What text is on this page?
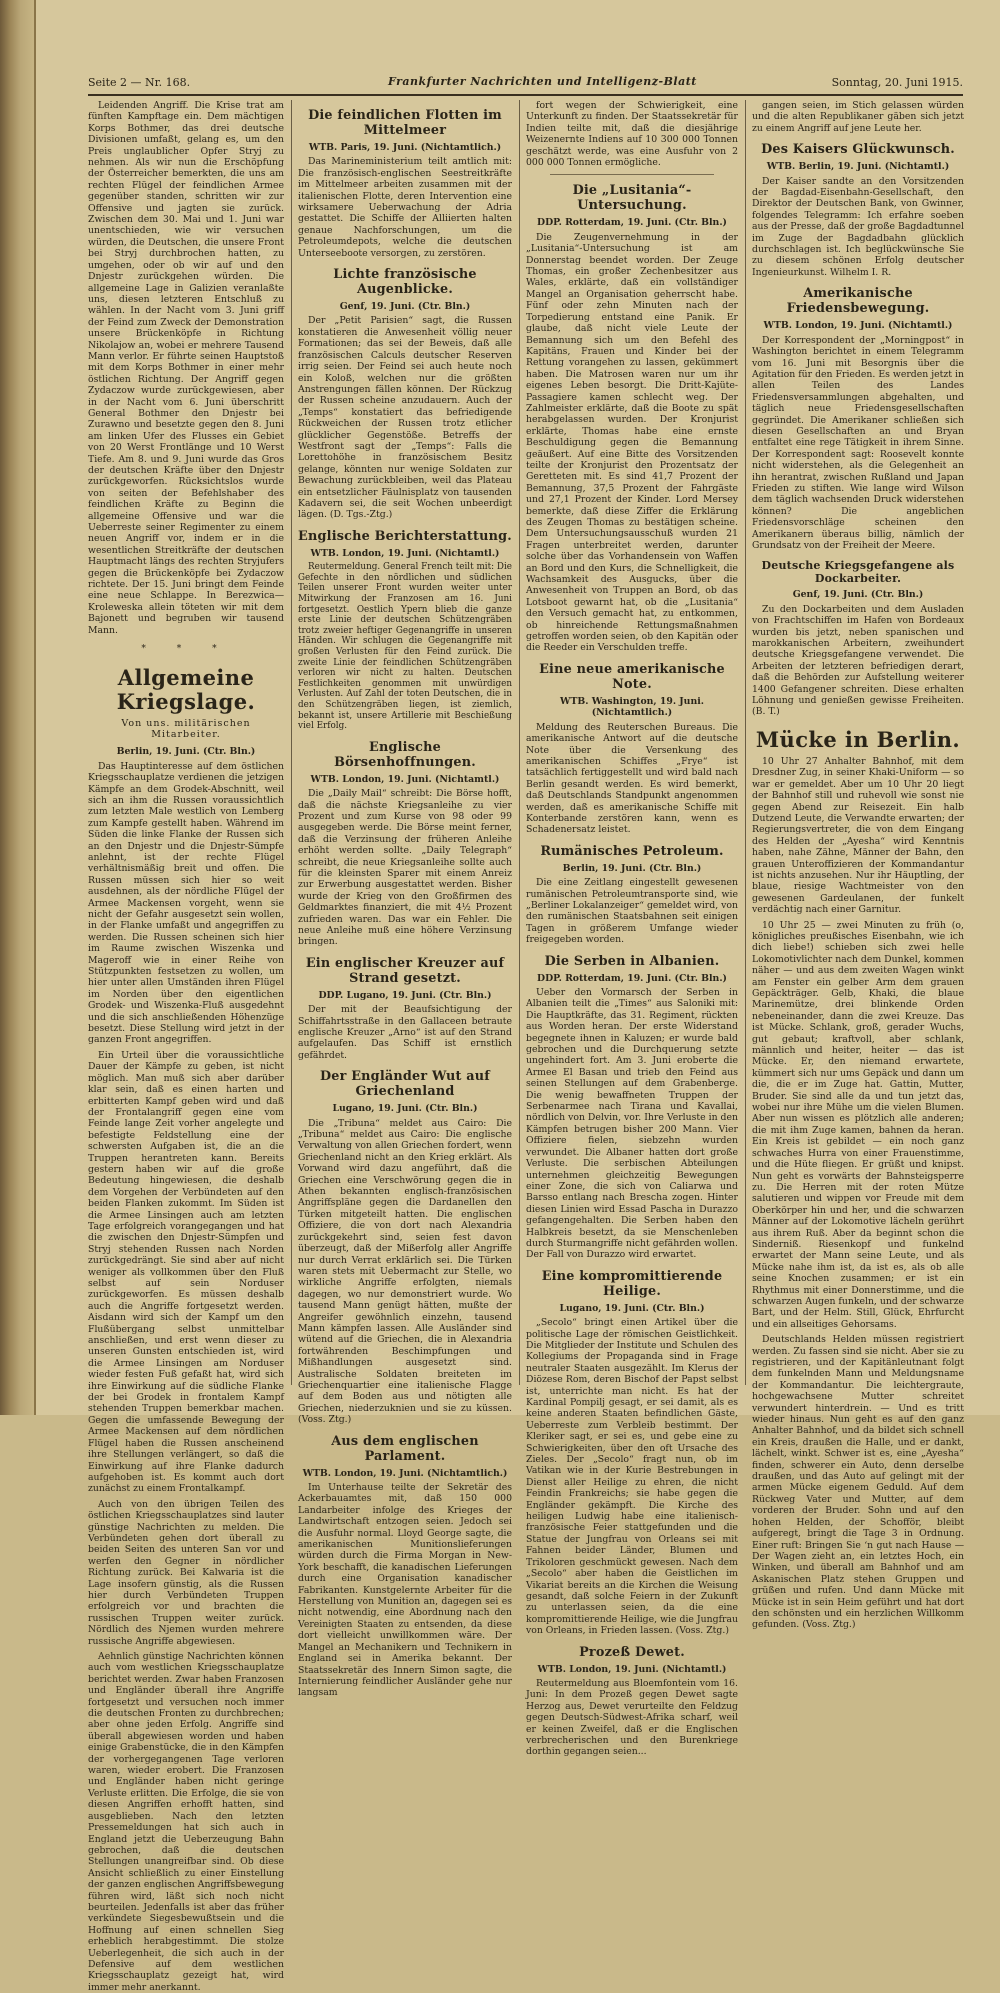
Seite 2 — Nr. 168.	Frankfurter Nachrichten und Intelligenz-Blatt	Sonntag, 20. Juni 1915.

Leidenden Angriff. Die Krise trat am fünften Kampftage ein. Dem mächtigen Korps Bothmer, das drei deutsche Divisionen umfaßt, gelang es, um den Preis unglaublicher Opfer Stryj zu nehmen. Als wir nun die Erschöpfung der Österreicher bemerkten, die uns am rechten Flügel der feindlichen Armee gegenüber standen, schritten wir zur Offensive und jagten sie zurück. Zwischen dem 30. Mai und 1. Juni war unentschieden, wie wir versuchen würden, die Deutschen, die unsere Front bei Stryj durchbrochen hatten, zu umgehen, oder ob wir auf und den Dnjestr zurückgehen würden. Die allgemeine Lage in Galizien veranlaßte uns, diesen letzteren Entschluß zu wählen. In der Nacht vom 3. Juni griff der Feind zum Zweck der Demonstration unsere Brückenköpfe in Richtung Nikolajow an, wobei er mehrere Tausend Mann verlor. Er führte seinen Hauptstoß mit dem Korps Bothmer in einer mehr östlichen Richtung. Der Angriff gegen Zydaczow wurde zurückgewiesen, aber in der Nacht vom 6. Juni überschritt General Bothmer den Dnjestr bei Zurawno und besetzte gegen den 8. Juni am linken Ufer des Flusses ein Gebiet von 20 Werst Frontlänge und 10 Werst Tiefe. Am 8. und 9. Juni wurde das Gros der deutschen Kräfte über den Dnjestr zurückgeworfen. Rücksichtslos wurde von seiten der Befehlshaber des feindlichen Kräfte zu Beginn die allgemeine Offensive und war die Ueberreste seiner Regimenter zu einem neuen Angriff vor, indem er in die wesentlichen Streitkräfte der deutschen Hauptmacht längs des rechten Stryjufers gegen die Brückenköpfe bei Zydaczow richtete. Der 15. Juni bringt dem Feinde eine neue Schlappe. In Berezwica—Kroleweska allein töteten wir mit dem Bajonett und begruben wir tausend Mann.

* * *
Allgemeine Kriegslage.
Von uns. militärischen Mitarbeiter.
Berlin, 19. Juni. (Ctr. Bln.)

Das Hauptinteresse auf dem östlichen Kriegsschauplatze verdienen die jetzigen Kämpfe an dem Grodek-Abschnitt, weil sich an ihm die Russen voraussichtlich zum letzten Male westlich von Lemberg zum Kampfe gestellt haben. Während im Süden die linke Flanke der Russen sich an den Dnjestr und die Dnjestr-Sümpfe anlehnt, ist der rechte Flügel verhältnismäßig breit und offen. Die Russen müssen sich hier so weit ausdehnen, als der nördliche Flügel der Armee Mackensen vorgeht, wenn sie nicht der Gefahr ausgesetzt sein wollen, in der Flanke umfaßt und angegriffen zu werden. Die Russen scheinen sich hier im Raume zwischen Wiszenka und Mageroff wie in einer Reihe von Stützpunkten festsetzen zu wollen, um hier unter allen Umständen ihren Flügel im Norden über den eigentlichen Grodek- und Wiszenka-Fluß ausgedehnt und die sich anschließenden Höhenzüge besetzt. Diese Stellung wird jetzt in der ganzen Front angegriffen.

Ein Urteil über die voraussichtliche Dauer der Kämpfe zu geben, ist nicht möglich. Man muß sich aber darüber klar sein, daß es einen harten und erbitterten Kampf geben wird und daß der Frontalangriff gegen eine vom Feinde lange Zeit vorher angelegte und befestigte Feldstellung eine der schwersten Aufgaben ist, die an die Truppen herantreten kann. Bereits gestern haben wir auf die große Bedeutung hingewiesen, die deshalb dem Vorgehen der Verbündeten auf den beiden Flanken zukommt. Im Süden ist die Armee Linsingen auch am letzten Tage erfolgreich vorangegangen und hat die zwischen den Dnjestr-Sümpfen und Stryj stehenden Russen nach Norden zurückgedrängt. Sie sind aber auf nicht weniger als vollkommen über den Fluß selbst auf sein Norduser zurückgeworfen. Es müssen deshalb auch die Angriffe fortgesetzt werden. Aisdann wird sich der Kampf um den Flußübergang selbst unmittelbar anschließen, und erst wenn dieser zu unseren Gunsten entschieden ist, wird die Armee Linsingen am Norduser wieder festen Fuß gefaßt hat, wird sich ihre Einwirkung auf die südliche Flanke der bei Grodek in frontalem Kampf stehenden Truppen bemerkbar machen. Gegen die umfassende Bewegung der Armee Mackensen auf dem nördlichen Flügel haben die Russen anscheinend ihre Stellungen verlängert, so daß die Einwirkung auf ihre Flanke dadurch aufgehoben ist. Es kommt auch dort zunächst zu einem Frontalkampf.

Auch von den übrigen Teilen des östlichen Kriegsschauplatzes sind lauter günstige Nachrichten zu melden. Die Verbündeten gehen dort überall zu beiden Seiten des unteren San vor und werfen den Gegner in nördlicher Richtung zurück. Bei Kalwaria ist die Lage insofern günstig, als die Russen hier durch Verbündeten Truppen erfolgreich vor und brachten die russischen Truppen weiter zurück. Nördlich des Njemen wurden mehrere russische Angriffe abgewiesen.

Aehnlich günstige Nachrichten können auch vom westlichen Kriegsschauplatze berichtet werden. Zwar haben Franzosen und Engländer überall ihre Angriffe fortgesetzt und versuchen noch immer die deutschen Fronten zu durchbrechen; aber ohne jeden Erfolg. Angriffe sind überall abgewiesen worden und haben einige Grabenstücke, die in den Kämpfen der vorhergegangenen Tage verloren waren, wieder erobert. Die Franzosen und Engländer haben nicht geringe Verluste erlitten. Die Erfolge, die sie von diesen Angriffen erhofft hatten, sind ausgeblieben. Nach den letzten Pressemeldungen hat sich auch in England jetzt die Ueberzeugung Bahn gebrochen, daß die deutschen Stellungen unangreifbar sind. Ob diese Ansicht schließlich zu einer Einstellung der ganzen englischen Angriffsbewegung führen wird, läßt sich noch nicht beurteilen. Jedenfalls ist aber das früher verkündete Siegesbewußtsein und die Hoffnung auf einen schnellen Sieg erheblich herabgestimmt. Die stolze Ueberlegenheit, die sich auch in der Defensive auf dem westlichen Kriegsschauplatz gezeigt hat, wird immer mehr anerkannt.

Die feindlichen Flotten im Mittelmeer
WTB. Paris, 19. Juni. (Nichtamtlich.)

Das Marineministerium teilt amtlich mit: Die französisch-englischen Seestreitkräfte im Mittelmeer arbeiten zusammen mit der italienischen Flotte, deren Intervention eine wirksamere Ueberwachung der Adria gestattet. Die Schiffe der Alliierten halten genaue Nachforschungen, um die Petroleumdepots, welche die deutschen Unterseeboote versorgen, zu zerstören.

Lichte französische Augenblicke.
Genf, 19. Juni. (Ctr. Bln.)

Der „Petit Parisien“ sagt, die Russen konstatieren die Anwesenheit völlig neuer Formationen; das sei der Beweis, daß alle französischen Calculs deutscher Reserven irrig seien. Der Feind sei auch heute noch ein Koloß, welchen nur die größten Anstrengungen fällen können. Der Rückzug der Russen scheine anzudauern. Auch der „Temps“ konstatiert das befriedigende Rückweichen der Russen trotz etlicher glücklicher Gegenstöße. Betreffs der Westfront sagt der „Temps“: Falls die Lorettohöhe in französischem Besitz gelange, könnten nur wenige Soldaten zur Bewachung zurückbleiben, weil das Plateau ein entsetzlicher Fäulnisplatz von tausenden Kadavern sei, die seit Wochen unbeerdigt lägen. (D. Tgs.-Ztg.)

Englische Berichterstattung.
WTB. London, 19. Juni. (Nichtamtl.)

Reutermeldung. General French teilt mit: Die Gefechte in den nördlichen und südlichen Teilen unserer Front wurden weiter unter Mitwirkung der Franzosen am 16. Juni fortgesetzt. Oestlich Ypern blieb die ganze erste Linie der deutschen Schützengräben trotz zweier heftiger Gegenangriffe in unseren Händen. Wir schlugen die Gegenangriffe mit großen Verlusten für den Feind zurück. Die zweite Linie der feindlichen Schützengräben verloren wir nicht zu halten. Deutschen Festlichkeiten genommen mit unwürdigen Verlusten. Auf Zahl der toten Deutschen, die in den Schützengräben liegen, ist ziemlich, bekannt ist, unsere Artillerie mit Beschießung viel Erfolg.

Englische Börsenhoffnungen.
WTB. London, 19. Juni. (Nichtamtl.)

Die „Daily Mail“ schreibt: Die Börse hofft, daß die nächste Kriegsanleihe zu vier Prozent und zum Kurse von 98 oder 99 ausgegeben werde. Die Börse meint ferner, daß die Verzinsung der früheren Anleihe erhöht werden sollte. „Daily Telegraph“ schreibt, die neue Kriegsanleihe sollte auch für die kleinsten Sparer mit einem Anreiz zur Erwerbung ausgestattet werden. Bisher wurde der Krieg von den Großfirmen des Geldmarktes finanziert, die mit 4½ Prozent zufrieden waren. Das war ein Fehler. Die neue Anleihe muß eine höhere Verzinsung bringen.

Ein englischer Kreuzer auf Strand gesetzt.
DDP. Lugano, 19. Juni. (Ctr. Bln.)

Der mit der Beaufsichtigung der Schiffahrtsstraße in den Gallaceen betraute englische Kreuzer „Arno“ ist auf den Strand aufgelaufen. Das Schiff ist ernstlich gefährdet.

Der Engländer Wut auf Griechenland
Lugano, 19. Juni. (Ctr. Bln.)

Die „Tribuna“ meldet aus Cairo: Die „Tribuna“ meldet aus Cairo: Die englische Verwaltung von allen Griechen fordert, wenn Griechenland nicht an den Krieg erklärt. Als Vorwand wird dazu angeführt, daß die Griechen eine Verschwörung gegen die in Athen bekannten englisch-französischen Angriffspläne gegen die Dardanellen den Türken mitgeteilt hatten. Die englischen Offiziere, die von dort nach Alexandria zurückgekehrt sind, seien fest davon überzeugt, daß der Mißerfolg aller Angriffe nur durch Verrat erklärlich sei. Die Türken waren stets mit Uebermacht zur Stelle, wo wirkliche Angriffe erfolgten, niemals dagegen, wo nur demonstriert wurde. Wo tausend Mann genügt hätten, mußte der Angreifer gewöhnlich einzehn, tausend Mann kämpfen lassen. Alle Ausländer sind wütend auf die Griechen, die in Alexandria fortwährenden Beschimpfungen und Mißhandlungen ausgesetzt sind. Australische Soldaten breiteten im Griechenquartier eine italienische Flagge auf dem Boden aus und nötigten alle Griechen, niederzuknien und sie zu küssen. (Voss. Ztg.)

Aus dem englischen Parlament.
WTB. London, 19. Juni. (Nichtamtlich.)

Im Unterhause teilte der Sekretär des Ackerbauamtes mit, daß 150 000 Landarbeiter infolge des Krieges der Landwirtschaft entzogen seien. Jedoch sei die Ausfuhr normal. Lloyd George sagte, die amerikanischen Munitionslieferungen würden durch die Firma Morgan in New-York beschafft, die kanadischen Lieferungen durch eine Organisation kanadischer Fabrikanten. Kunstgelernte Arbeiter für die Herstellung von Munition an, dagegen sei es nicht notwendig, eine Abordnung nach den Vereinigten Staaten zu entsenden, da diese dort vielleicht unwillkommen wäre. Der Mangel an Mechanikern und Technikern in England sei in Amerika bekannt. Der Staatssekretär des Innern Simon sagte, die Internierung feindlicher Ausländer gehe nur langsam

fort wegen der Schwierigkeit, eine Unterkunft zu finden. Der Staatssekretär für Indien teilte mit, daß die diesjährige Weizenernte Indiens auf 10 300 000 Tonnen geschätzt werde, was eine Ausfuhr von 2 000 000 Tonnen ermögliche.

Die „Lusitania“-Untersuchung.
DDP. Rotterdam, 19. Juni. (Ctr. Bln.)

Die Zeugenvernehmung in der „Lusitania“-Untersuchung ist am Donnerstag beendet worden. Der Zeuge Thomas, ein großer Zechenbesitzer aus Wales, erklärte, daß ein vollständiger Mangel an Organisation geherrscht habe. Fünf oder zehn Minuten nach der Torpedierung entstand eine Panik. Er glaube, daß nicht viele Leute der Bemannung sich um den Befehl des Kapitäns, Frauen und Kinder bei der Rettung vorangehen zu lassen, gekümmert haben. Die Matrosen waren nur um ihr eigenes Leben besorgt. Die Dritt-Kajüte-Passagiere kamen schlecht weg. Der Zahlmeister erklärte, daß die Boote zu spät herabgelassen wurden. Der Kronjurist erklärte, Thomas habe eine ernste Beschuldigung gegen die Bemannung geäußert. Auf eine Bitte des Vorsitzenden teilte der Kronjurist den Prozentsatz der Geretteten mit. Es sind 41,7 Prozent der Bemannung, 37,5 Prozent der Fahrgäste und 27,1 Prozent der Kinder. Lord Mersey bemerkte, daß diese Ziffer die Erklärung des Zeugen Thomas zu bestätigen scheine. Dem Untersuchungsausschuß wurden 21 Fragen unterbreitet werden, darunter solche über das Vorhandensein von Waffen an Bord und den Kurs, die Schnelligkeit, die Wachsamkeit des Ausgucks, über die Anwesenheit von Truppen an Bord, ob das Lotsboot gewarnt hat, ob die „Lusitania“ den Versuch gemacht hat, zu entkommen, ob hinreichende Rettungsmaßnahmen getroffen worden seien, ob den Kapitän oder die Reeder ein Verschulden treffe.

Eine neue amerikanische Note.
WTB. Washington, 19. Juni. (Nichtamtlich.)

Meldung des Reuterschen Bureaus. Die amerikanische Antwort auf die deutsche Note über die Versenkung des amerikanischen Schiffes „Frye“ ist tatsächlich fertiggestellt und wird bald nach Berlin gesandt werden. Es wird bemerkt, daß Deutschlands Standpunkt angenommen werden, daß es amerikanische Schiffe mit Konterbande zerstören kann, wenn es Schadenersatz leistet.

Rumänisches Petroleum.
Berlin, 19. Juni. (Ctr. Bln.)

Die eine Zeitlang eingestellt gewesenen rumänischen Petroleumtransporte sind, wie „Berliner Lokalanzeiger“ gemeldet wird, von den rumänischen Staatsbahnen seit einigen Tagen in größerem Umfange wieder freigegeben worden.

Die Serben in Albanien.
DDP. Rotterdam, 19. Juni. (Ctr. Bln.)

Ueber den Vormarsch der Serben in Albanien teilt die „Times“ aus Saloniki mit: Die Hauptkräfte, das 31. Regiment, rückten aus Worden heran. Der erste Widerstand begegnete ihnen in Kaluzen; er wurde bald gebrochen und die Durchquerung setzte ungehindert fort. Am 3. Juni eroberte die Armee El Basan und trieb den Feind aus seinen Stellungen auf dem Grabenberge. Die wenig bewaffneten Truppen der Serbenarmee nach Tirana und Kavallai, nördlich von Delvin, vor. Ihre Verluste in den Kämpfen betrugen bisher 200 Mann. Vier Offiziere fielen, siebzehn wurden verwundet. Die Albaner hatten dort große Verluste. Die serbischen Abteilungen unternehmen gleichzeitig Bewegungen einer Zone, die sich von Caliarwa und Barsso entlang nach Brescha zogen. Hinter diesen Linien wird Essad Pascha in Durazzo gefangengehalten. Die Serben haben den Halbkreis besetzt, da sie Menschenleben durch Sturmangriffe nicht gefährden wollen. Der Fall von Durazzo wird erwartet.

Eine kompromittierende Heilige.
Lugano, 19. Juni. (Ctr. Bln.)

„Secolo“ bringt einen Artikel über die politische Lage der römischen Geistlichkeit. Die Mitglieder der Institute und Schulen des Kollegiums der Propaganda sind in Frage neutraler Staaten ausgezählt. Im Klerus der Diözese Rom, deren Bischof der Papst selbst ist, unterrichte man nicht. Es hat der Kardinal Pompilj gesagt, er sei damit, als es keine anderen Staaten befindlichen Gäste, Ueberreste zum Verbleib bestimmt. Der Kleriker sagt, er sei es, und gebe eine zu Schwierigkeiten, über den oft Ursache des Zieles. Der „Secolo“ fragt nun, ob im Vatikan wie in der Kurie Bestrebungen in Dienst aller Heilige zu ehren, die nicht Feindin Frankreichs; sie habe gegen die Engländer gekämpft. Die Kirche des heiligen Ludwig habe eine italienisch-französische Feier stattgefunden und die Statue der Jungfrau von Orleans sei mit Fahnen beider Länder, Blumen und Trikoloren geschmückt gewesen. Nach dem „Secolo“ aber haben die Geistlichen im Vikariat bereits an die Kirchen die Weisung gesandt, daß solche Feiern in der Zukunft zu unterlassen seien, da die eine kompromittierende Heilige, wie die Jungfrau von Orleans, in Frieden lassen. (Voss. Ztg.)

Prozeß Dewet.
WTB. London, 19. Juni. (Nichtamtl.)

Reutermeldung aus Bloemfontein vom 16. Juni: In dem Prozeß gegen Dewet sagte Herzog aus, Dewet verurteilte den Feldzug gegen Deutsch-Südwest-Afrika scharf, weil er keinen Zweifel, daß er die Englischen verbrecherischen und den Burenkriege dorthin gegangen seien...

gangen seien, im Stich gelassen würden und die alten Republikaner gäben sich jetzt zu einem Angriff auf jene Leute her.

Des Kaisers Glückwunsch.
WTB. Berlin, 19. Juni. (Nichtamtl.)

Der Kaiser sandte an den Vorsitzenden der Bagdad-Eisenbahn-Gesellschaft, den Direktor der Deutschen Bank, von Gwinner, folgendes Telegramm: Ich erfahre soeben aus der Presse, daß der große Bagdadtunnel im Zuge der Bagdadbahn glücklich durchschlagen ist. Ich beglückwünsche Sie zu diesem schönen Erfolg deutscher Ingenieurkunst. Wilhelm I. R.

Amerikanische Friedensbewegung.
WTB. London, 19. Juni. (Nichtamtl.)

Der Korrespondent der „Morningpost“ in Washington berichtet in einem Telegramm vom 16. Juni mit Besorgnis über die Agitation für den Frieden. Es werden jetzt in allen Teilen des Landes Friedensversammlungen abgehalten, und täglich neue Friedensgesellschaften gegründet. Die Amerikaner schließen sich diesen Gesellschaften an und Bryan entfaltet eine rege Tätigkeit in ihrem Sinne. Der Korrespondent sagt: Roosevelt konnte nicht widerstehen, als die Gelegenheit an ihn herantrat, zwischen Rußland und Japan Frieden zu stiften. Wie lange wird Wilson dem täglich wachsenden Druck widerstehen können? Die angeblichen Friedensvorschläge scheinen den Amerikanern überaus billig, nämlich der Grundsatz von der Freiheit der Meere.

Deutsche Kriegsgefangene als Dockarbeiter.
Genf, 19. Juni. (Ctr. Bln.)

Zu den Dockarbeiten und dem Ausladen von Frachtschiffen im Hafen von Bordeaux wurden bis jetzt, neben spanischen und marokkanischen Arbeitern, zweihundert deutsche Kriegsgefangene verwendet. Die Arbeiten der letzteren befriedigen derart, daß die Behörden zur Aufstellung weiterer 1400 Gefangener schreiten. Diese erhalten Löhnung und genießen gewisse Freiheiten. (B. T.)

Mücke in Berlin.

10 Uhr 27 Anhalter Bahnhof, mit dem Dresdner Zug, in seiner Khaki-Uniform — so war er gemeldet. Aber um 10 Uhr 20 liegt der Bahnhof still und ruhevoll wie sonst nie gegen Abend zur Reisezeit. Ein halb Dutzend Leute, die Verwandte erwarten; der Regierungsvertreter, die von dem Eingang des Helden der „Ayesha“ wird Kenntnis haben, nahe Zähne, Männer der Bahn, den grauen Unteroffizieren der Kommandantur ist nichts anzusehen. Nur ihr Häuptling, der blaue, riesige Wachtmeister von den gewesenen Gardeulanen, der funkelt verdächtig nach einer Garnitur.

10 Uhr 25 — zwei Minuten zu früh (o, königliches preußisches Eisenbahn, wie ich dich liebe!) schieben sich zwei helle Lokomotivlichter nach dem Dunkel, kommen näher — und aus dem zweiten Wagen winkt am Fenster ein gelber Arm dem grauen Gepäckträger. Gelb, Khaki, die blaue Marinemütze, drei blinkende Orden nebeneinander, dann die zwei Kreuze. Das ist Mücke. Schlank, groß, gerader Wuchs, gut gebaut; kraftvoll, aber schlank, männlich und heiter, heiter — das ist Mücke. Er, den niemand erwartete, kümmert sich nur ums Gepäck und dann um die, die er im Zuge hat. Gattin, Mutter, Bruder. Sie sind alle da und tun jetzt das, wobei nur ihre Mühe um die vielen Blumen. Aber nun wissen es plötzlich alle anderen; die mit ihm Zuge kamen, bahnen da heran. Ein Kreis ist gebildet — ein noch ganz schwaches Hurra von einer Frauenstimme, und die Hüte fliegen. Er grüßt und knipst. Nun geht es vorwärts der Bahnsteigsperre zu. Die Herren mit der roten Mütze salutieren und wippen vor Freude mit dem Oberkörper hin und her, und die schwarzen Männer auf der Lokomotive lächeln gerührt aus ihrem Ruß. Aber da beginnt schon die Sinderniß. Riesenkopf und funkelnd erwartet der Mann seine Leute, und als Mücke nahe ihm ist, da ist es, als ob alle seine Knochen zusammen; er ist ein Rhythmus mit einer Donnerstimme, und die schwarzen Augen funkeln, und der schwarze Bart, und der Helm. Still, Glück, Ehrfurcht und ein allseitiges Gehorsams.

Deutschlands Helden müssen registriert werden. Zu fassen sind sie nicht. Aber sie zu registrieren, und der Kapitänleutnant folgt dem funkelnden Mann und Meldungsname der Kommandantur. Die leichtergraute, hochgewachsene Mutter schreitet verwundert hinterdrein. — Und es tritt wieder hinaus. Nun geht es auf den ganz Anhalter Bahnhof, und da bildet sich schnell ein Kreis, draußen die Halle, und er dankt, lächelt, winkt. Schwer ist es, eine „Ayesha“ finden, schwerer ein Auto, denn derselbe draußen, und das Auto auf gelingt mit der armen Mücke eigenem Geduld. Auf dem Rückweg Vater und Mutter, auf dem vorderen der Bruder. Sohn und auf den hohen Helden, der Schofför, bleibt aufgeregt, bringt die Tage 3 in Ordnung. Einer ruft: Bringen Sie ‘n gut nach Hause — Der Wagen zieht an, ein letztes Hoch, ein Winken, und überall am Bahnhof und am Askanischen Platz stehen Gruppen und grüßen und rufen. Und dann Mücke mit Mücke ist in sein Heim geführt und hat dort den schönsten und ein herzlichen Willkomm gefunden. (Voss. Ztg.)
